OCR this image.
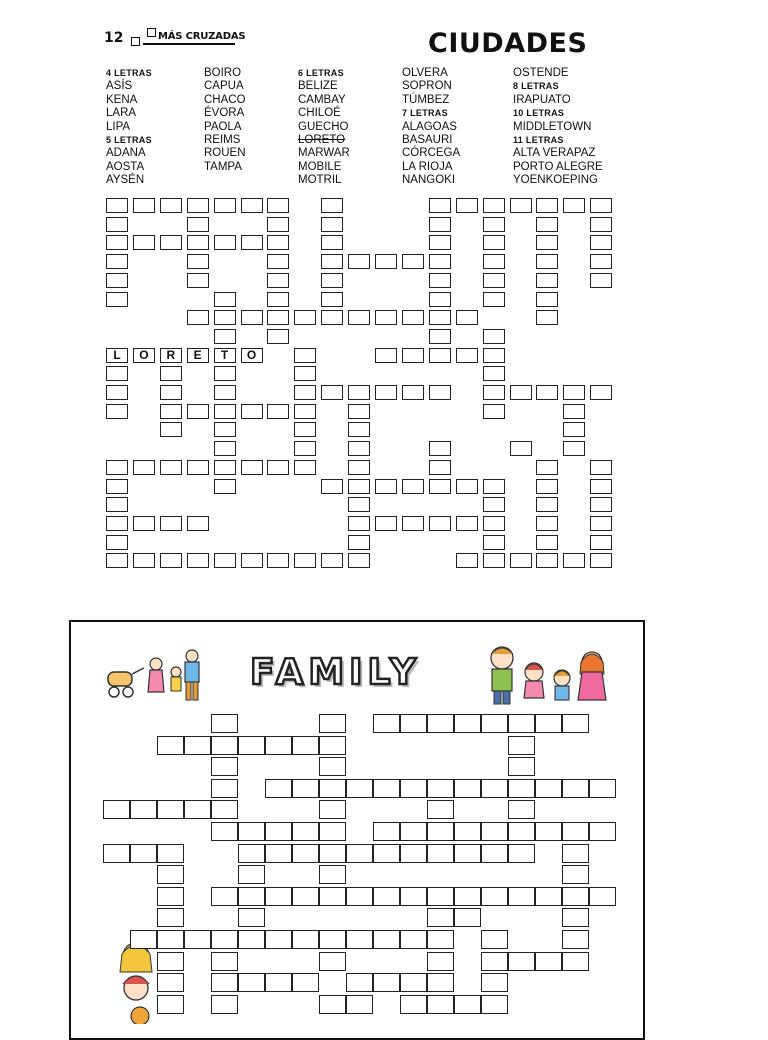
12	MÁS CRUZADAS	CIUDADES
4 LETRAS
ASÍS
KENA
LARA
LIPA
5 LETRAS
ADANA
AOSTA
AYSÉN
BOIRO
CAPUA
CHACO
ÉVORA
PAOLA
REIMS
ROUEN
TAMPA
6 LETRAS
BELIZE
CAMBAY
CHILOÉ
GUECHO
LORETO
MARWAR
MOBILE
MOTRIL
OLVERA
SOPRON
TÚMBEZ
7 LETRAS
ALAGOAS
BASAURI
CÓRCEGA
LA RIOJA
NANGOKI
OSTENDE
8 LETRAS
IRAPUATO
10 LETRAS
MIDDLETOWN
11 LETRAS
ALTA VERAPAZ
PORTO ALEGRE
YOENKOEPING
L	O	R	E	T	O
FAMILY
